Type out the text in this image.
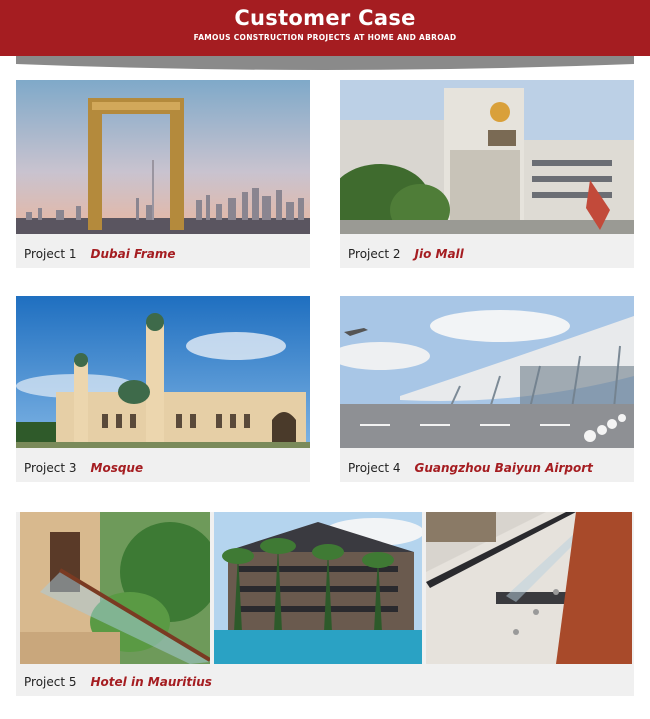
Customer Case
FAMOUS CONSTRUCTION PROJECTS AT HOME AND ABROAD
Project 1 Dubai Frame	Project 2 Jio Mall
Project 3 Mosque	Project 4 Guangzhou Baiyun Airport
Project 5 Hotel in Mauritius
